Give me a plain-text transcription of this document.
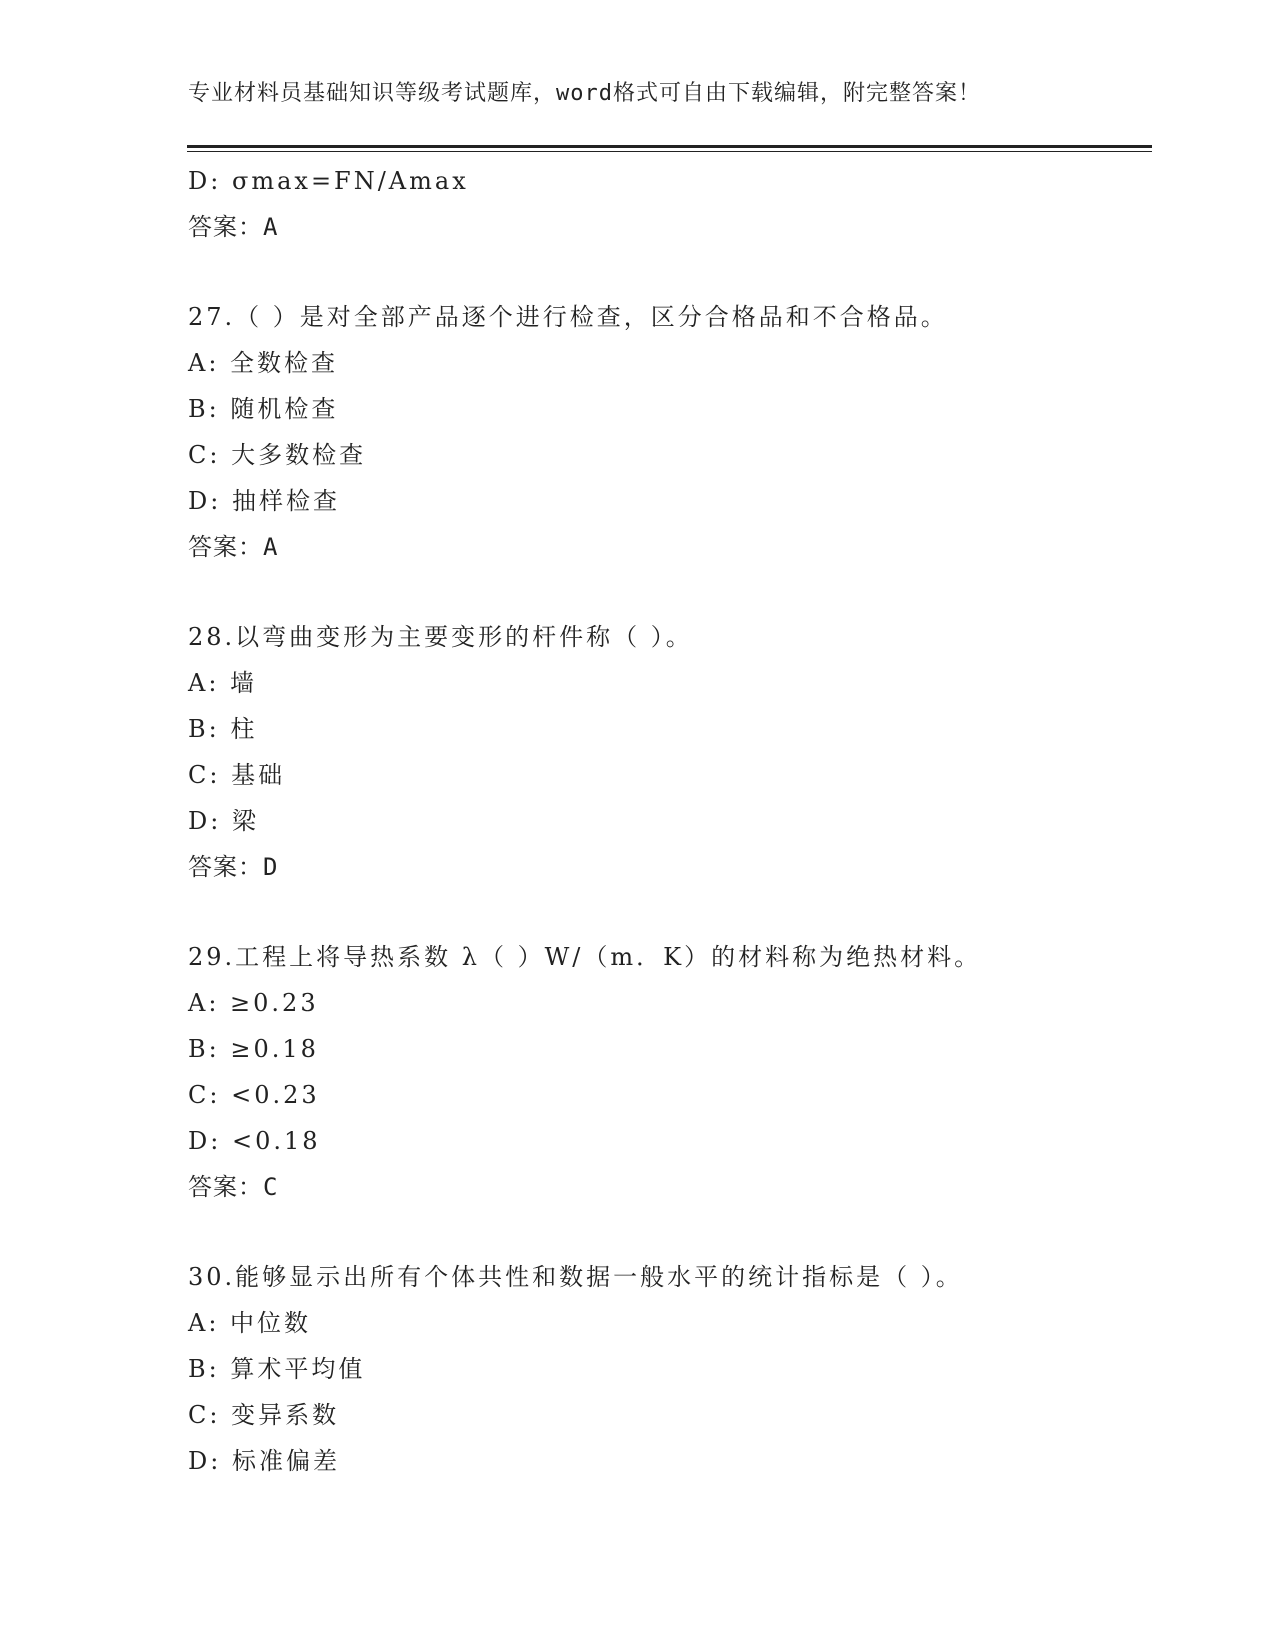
专业材料员基础知识等级考试题库，word格式可自由下载编辑，附完整答案！
D: σmax=FN/Amax
答案：A
27.（ ）是对全部产品逐个进行检查，区分合格品和不合格品。
A: 全数检查
B: 随机检查
C: 大多数检查
D: 抽样检查
答案：A
28.以弯曲变形为主要变形的杆件称（ ）。
A: 墙
B: 柱
C: 基础
D: 梁
答案：D
29.工程上将导热系数 λ（ ）W/（m．K）的材料称为绝热材料。
A: ≥0.23
B: ≥0.18
C: <0.23
D: <0.18
答案：C
30.能够显示出所有个体共性和数据一般水平的统计指标是（ ）。
A: 中位数
B: 算术平均值
C: 变异系数
D: 标准偏差
